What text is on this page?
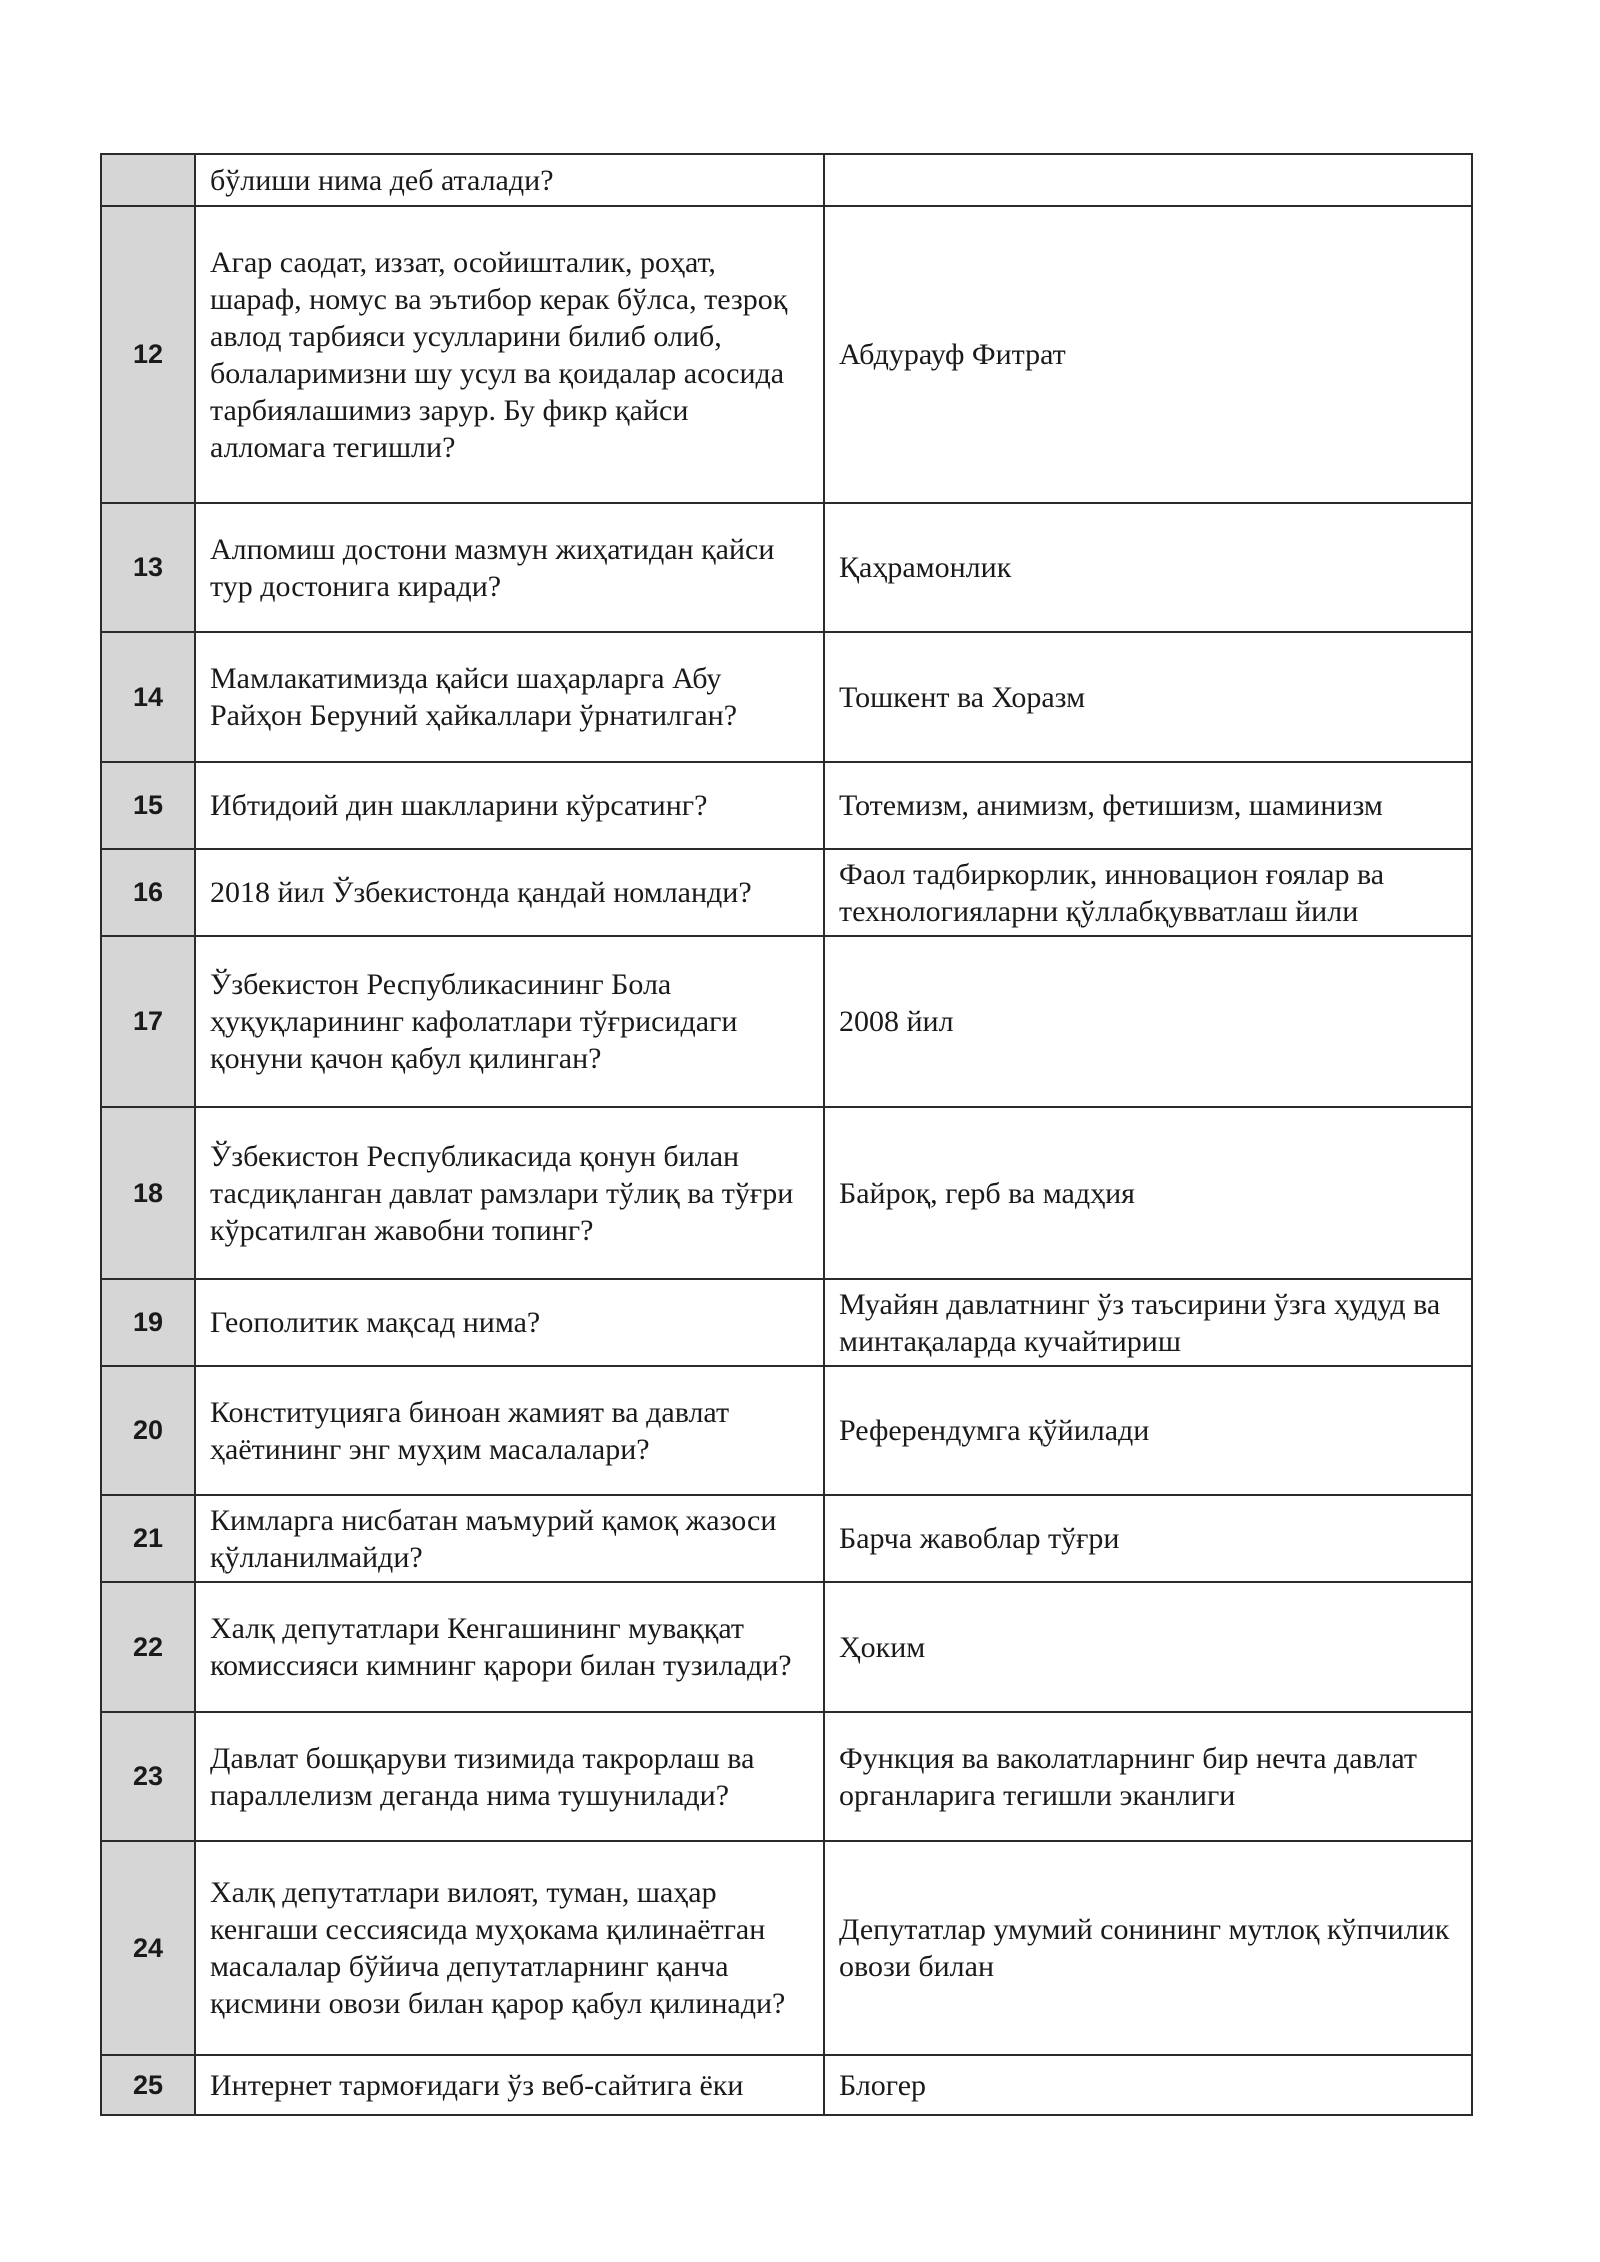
	бўлиши нима деб аталади?	
12	Агар саодат, иззат, осойишталик, роҳат, шараф, номус ва эътибор керак бўлса, тезроқ авлод тарбияси усулларини билиб олиб, болаларимизни шу усул ва қоидалар асосида тарбиялашимиз зарур. Бу фикр қайси алломага тегишли?	Абдурауф Фитрат
13	Алпомиш достони мазмун жиҳатидан қайси тур достонига киради?	Қаҳрамонлик
14	Мамлакатимизда қайси шаҳарларга Абу Райҳон Беруний ҳайкаллари ўрнатилган?	Тошкент ва Хоразм
15	Ибтидоий дин шаклларини кўрсатинг?	Тотемизм, анимизм, фетишизм, шаминизм
16	2018 йил Ўзбекистонда қандай номланди?	Фаол тадбиркорлик, инновацион ғоялар ва технологияларни қўллабқувватлаш йили
17	Ўзбекистон Республикасининг Бола ҳуқуқларининг кафолатлари тўғрисидаги қонуни қачон қабул қилинган?	2008 йил
18	Ўзбекистон Республикасида қонун билан тасдиқланган давлат рамзлари тўлиқ ва тўғри кўрсатилган жавобни топинг?	Байроқ, герб ва мадҳия
19	Геополитик мақсад нима?	Муайян давлатнинг ўз таъсирини ўзга ҳудуд ва минтақаларда кучайтириш
20	Конституцияга биноан жамият ва давлат ҳаётининг энг муҳим масалалари?	Референдумга қўйилади
21	Кимларга нисбатан маъмурий қамоқ жазоси қўлланилмайди?	Барча жавоблар тўғри
22	Халқ депутатлари Кенгашининг муваққат комиссияси кимнинг қарори билан тузилади?	Ҳоким
23	Давлат бошқаруви тизимида такрорлаш ва параллелизм деганда нима тушунилади?	Функция ва ваколатларнинг бир нечта давлат органларига тегишли эканлиги
24	Халқ депутатлари вилоят, туман, шаҳар кенгаши сессиясида муҳокама қилинаётган масалалар бўйича депутатларнинг қанча қисмини овози билан қарор қабул қилинади?	Депутатлар умумий сонининг мутлоқ кўпчилик овози билан
25	Интернет тармоғидаги ўз веб-сайтига ёки	Блогер
